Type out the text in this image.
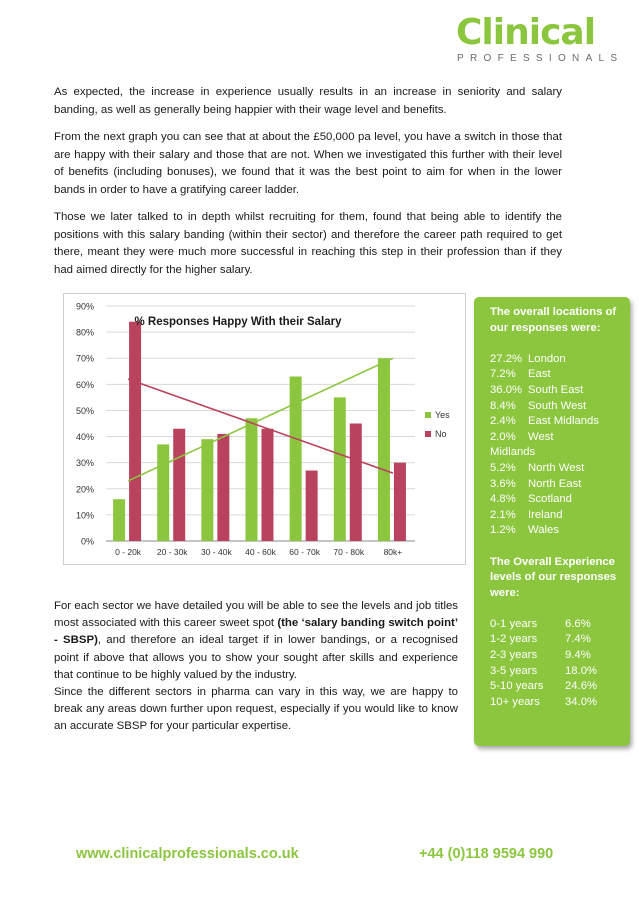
Clinical
PROFESSIONALS

As expected, the increase in experience usually results in an increase in seniority and salary banding, as well as generally being happier with their wage level and benefits.

From the next graph you can see that at about the £50,000 pa level, you have a switch in those that are happy with their salary and those that are not. When we investigated this further with their level of benefits (including bonuses), we found that it was the best point to aim for when in the lower bands in order to have a gratifying career ladder.

Those we later talked to in depth whilst recruiting for them, found that being able to identify the positions with this salary banding (within their sector) and therefore the career path required to get there, meant they were much more successful in reaching this step in their profession than if they had aimed directly for the higher salary.

0%
10%
20%
30%
40%
50%
60%
70%
80%
90%
0 - 20k 20 - 30k 30 - 40k 40 - 60k 60 - 70k 70 - 80k 80k+
% Responses Happy With their Salary
Yes
No
The overall locations of our responses were:
27.2% London
7.2% East
36.0% South East
8.4% South West
2.4% East Midlands
2.0% West Midlands
5.2% North West
3.6% North East
4.8% Scotland
2.1% Ireland
1.2% Wales
The Overall Experience levels of our responses were:
0-1 years 6.6%
1-2 years 7.4%
2-3 years 9.4%
3-5 years 18.0%
5-10 years 24.6%
10+ years 34.0%

For each sector we have detailed you will be able to see the levels and job titles most associated with this career sweet spot (the ‘salary banding switch point’ - SBSP), and therefore an ideal target if in lower bandings, or a recognised point if above that allows you to show your sought after skills and experience that continue to be highly valued by the industry.

Since the different sectors in pharma can vary in this way, we are happy to break any areas down further upon request, especially if you would like to know an accurate SBSP for your particular expertise.

www.clinicalprofessionals.co.uk	+44 (0)118 9594 990
